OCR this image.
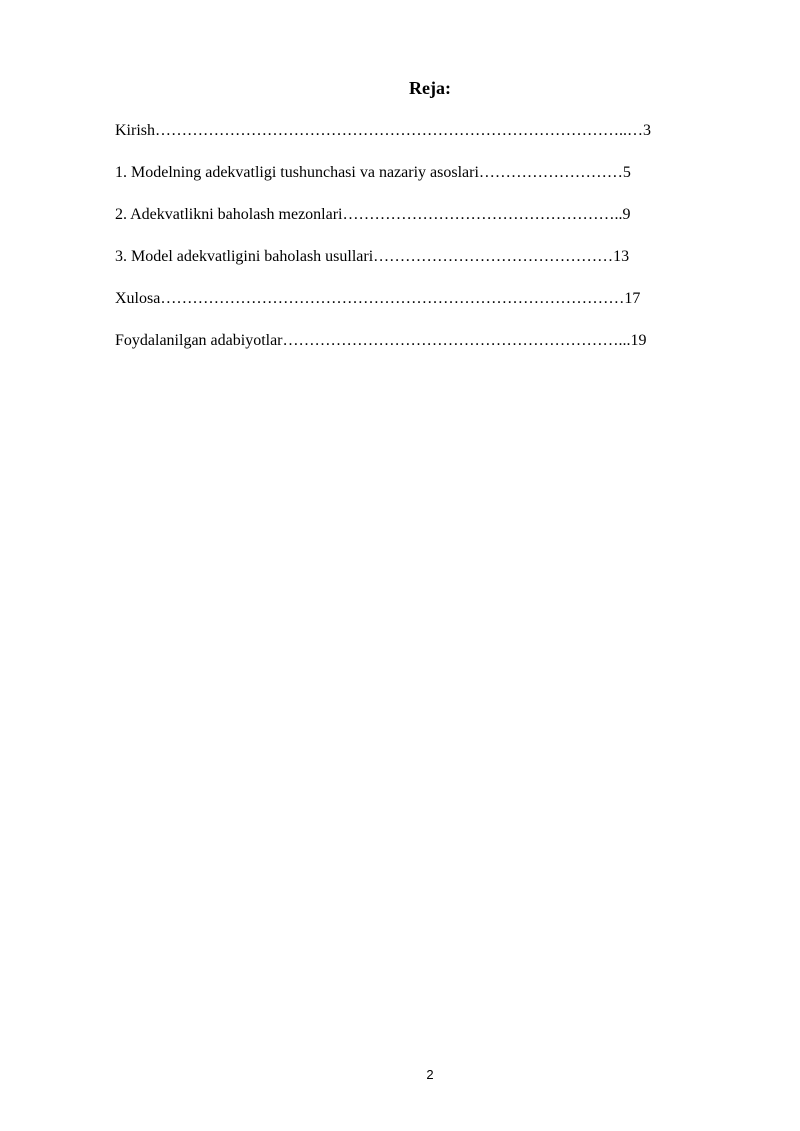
Reja:
Kirish……………………………………………………………………………..…3
1. Modelning adekvatligi tushunchasi va nazariy asoslari………………………5
2. Adekvatlikni baholash mezonlari……………………………………………..9
3. Model adekvatligini baholash usullari………………………………………13
Xulosa……………………………………………………………………………17
Foydalanilgan adabiyotlar………………………………………………………...19
2
